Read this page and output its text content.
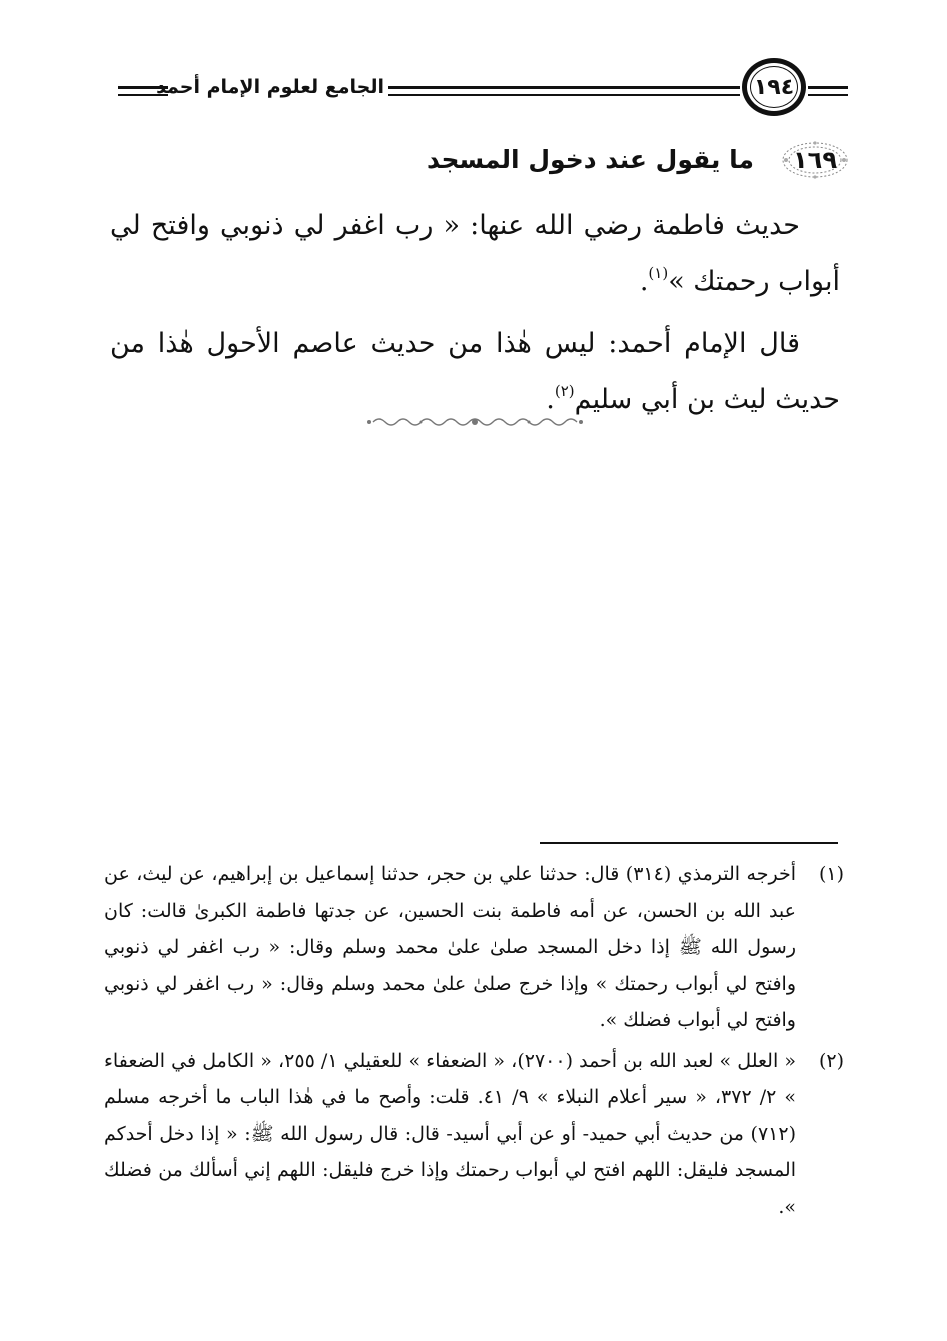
الجامع لعلوم الإمام أحمد	١٩٤
١٦٩
ما يقول عند دخول المسجد

حديث فاطمة رضي الله عنها: « رب اغفر لي ذنوبي وافتح لي أبواب رحمتك »$^{(١)}$.

قال الإمام أحمد: ليس هٰذا من حديث عاصم الأحول هٰذا من حديث ليث بن أبي سليم$^{(٢)}$.

(١)
أخرجه الترمذي (٣١٤) قال: حدثنا علي بن حجر، حدثنا إسماعيل بن إبراهيم، عن ليث، عن عبد الله بن الحسن، عن أمه فاطمة بنت الحسين، عن جدتها فاطمة الكبرىٰ قالت: كان رسول الله ﷺ إذا دخل المسجد صلىٰ علىٰ محمد وسلم وقال: « رب اغفر لي ذنوبي وافتح لي أبواب رحمتك » وإذا خرج صلىٰ علىٰ محمد وسلم وقال: « رب اغفر لي ذنوبي وافتح لي أبواب فضلك ».
(٢)
« العلل » لعبد الله بن أحمد (٢٧٠٠)، « الضعفاء » للعقيلي ١/ ٢٥٥، « الكامل في الضعفاء » ٢/ ٣٧٢، « سير أعلام النبلاء » ٩/ ٤١. قلت: وأصح ما في هٰذا الباب ما أخرجه مسلم (٧١٢) من حديث أبي حميد- أو عن أبي أسيد- قال: قال رسول الله ﷺ: « إذا دخل أحدكم المسجد فليقل: اللهم افتح لي أبواب رحمتك وإذا خرج فليقل: اللهم إني أسألك من فضلك ».
